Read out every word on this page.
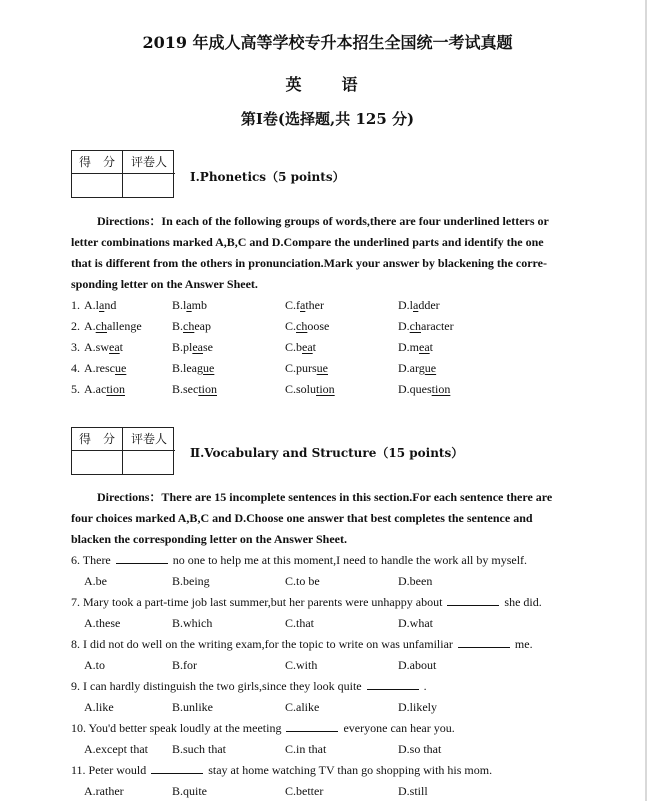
2019 年成人高等学校专升本招生全国统一考试真题
英　语
第Ⅰ卷(选择题,共 125 分)
得　分	评卷人
Ⅰ.Phonetics（5 points）
Directions：In each of the following groups of words,there are four underlined letters or
letter combinations marked A,B,C and D.Compare the underlined parts and identify the one
that is different from the others in pronunciation.Mark your answer by blackening the corre-
sponding letter on the Answer Sheet.
1. A.land	B.lamb	C.father	D.ladder
2. A.challenge	B.cheap	C.choose	D.character
3. A.sweat	B.please	C.beat	D.meat
4. A.rescue	B.league	C.pursue	D.argue
5. A.action	B.section	C.solution	D.question
得　分	评卷人
Ⅱ.Vocabulary and Structure（15 points）
Directions：There are 15 incomplete sentences in this section.For each sentence there are
four choices marked A,B,C and D.Choose one answer that best completes the sentence and
blacken the corresponding letter on the Answer Sheet.
6. There	no one to help me at this moment,I need to handle the work all by myself.
A.be	B.being	C.to be	D.been
7. Mary took a part-time job last summer,but her parents were unhappy about	she did.
A.these	B.which	C.that	D.what
8. I did not do well on the writing exam,for the topic to write on was unfamiliar	me.
A.to	B.for	C.with	D.about
9. I can hardly distinguish the two girls,since they look quite	.
A.like	B.unlike	C.alike	D.likely
10. You'd better speak loudly at the meeting	everyone can hear you.
A.except that B.such that	C.in that	D.so that
11. Peter would	stay at home watching TV than go shopping with his mom.
A.rather	B.quite	C.better	D.still
